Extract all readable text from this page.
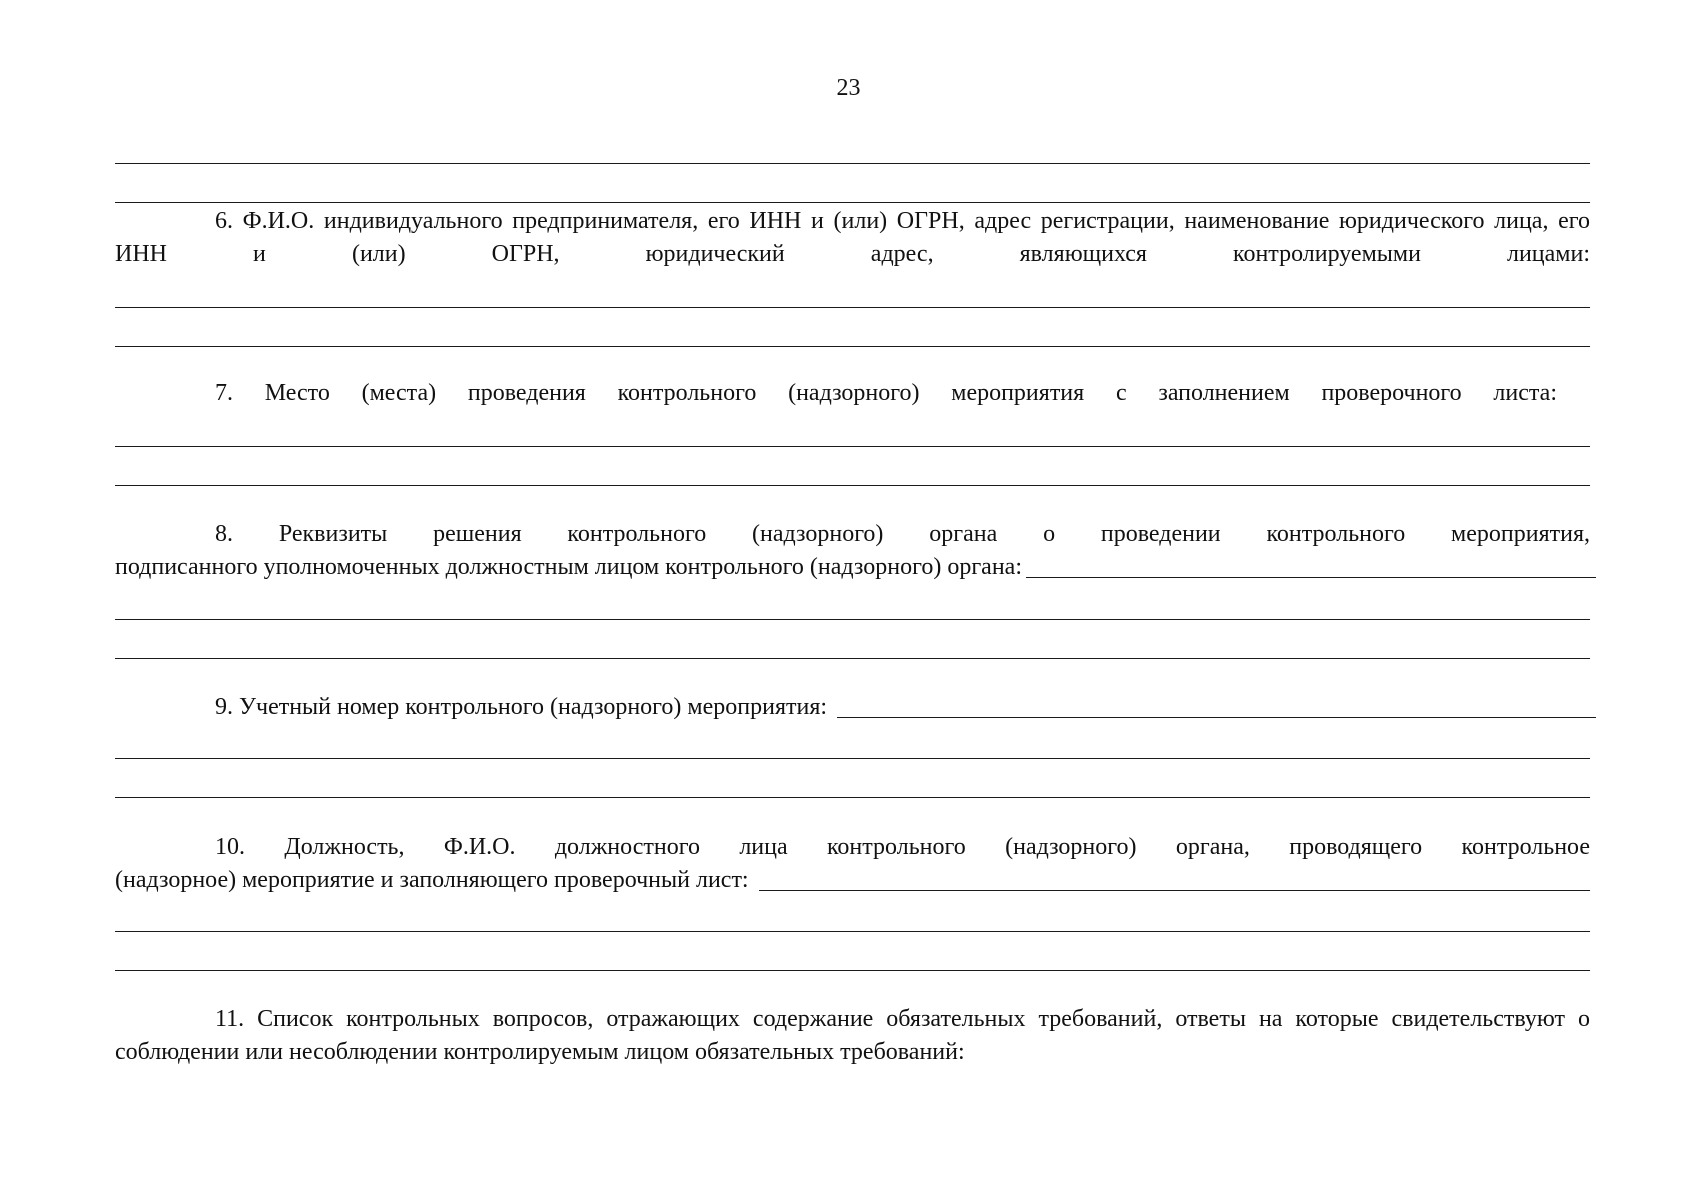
23

6. Ф.И.О. индивидуального предпринимателя, его ИНН и (или) ОГРН, адрес регистрации, наименование юридического лица, его ИНН и (или) ОГРН, юридический адрес, являющихся контролируемыми лицами:

7. Место (места) проведения контрольного (надзорного) мероприятия с заполнением проверочного листа:

8. Реквизиты решения контрольного (надзорного) органа о проведении контрольного мероприятия,

подписанного уполномоченных должностным лицом контрольного (надзорного) органа:
9. Учетный номер контрольного (надзорного) мероприятия:

10. Должность, Ф.И.О. должностного лица контрольного (надзорного) органа, проводящего контрольное

(надзорное) мероприятие и заполняющего проверочный лист:

11. Список контрольных вопросов, отражающих содержание обязательных требований, ответы на которые свидетельствуют о соблюдении или несоблюдении контролируемым лицом обязательных требований:
